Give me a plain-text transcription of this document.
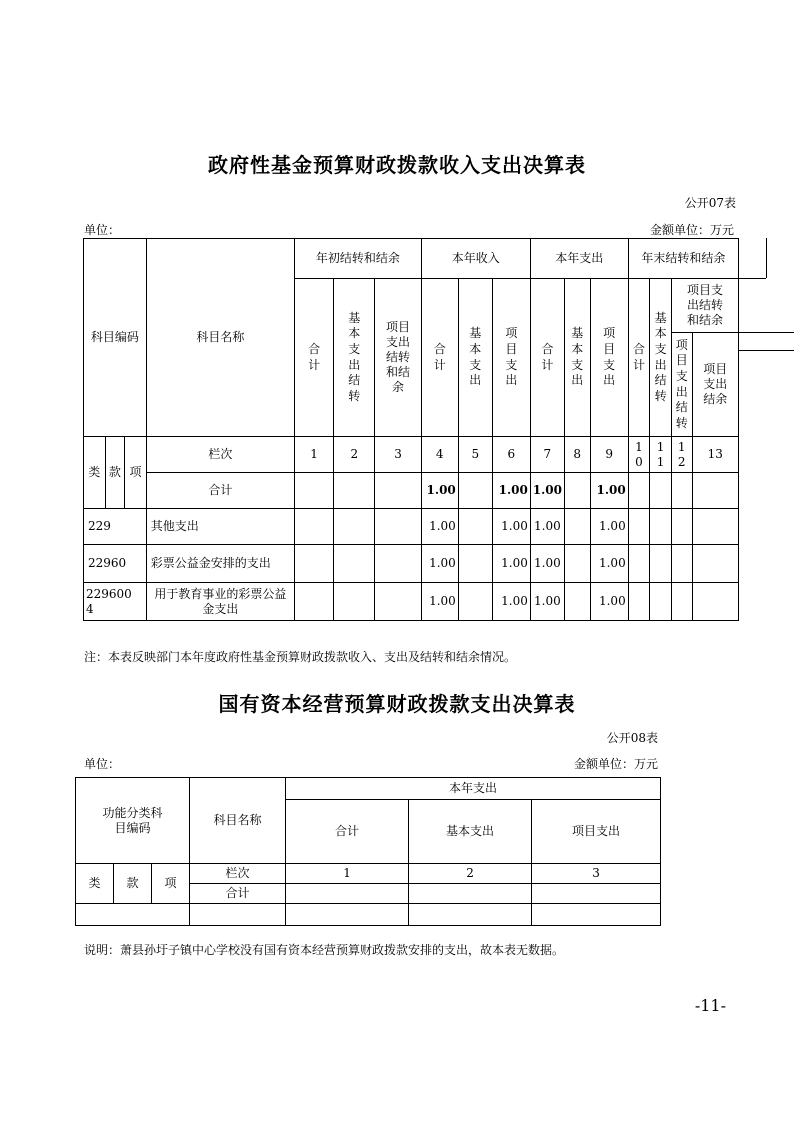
政府性基金预算财政拨款收入支出决算表
公开07表
单位：	金额单位：万元
科目编码			科目名称	年初结转和结余			本年收入			本年支出			年末结转和结余			
				合计	基本支出结转	项目支出结转和结余	合计	基本支出	项目支出	合计	基本支出	项目支出	合计	基本支出结转	项目支出结转和结余	
															项目支出结转	项目支出结余

类	款	项	栏次	1	2	3	4	5	6	7	8	9	10	11	12	13
			合计				1.00		1.00	1.00		1.00				
229			其他支出				1.00		1.00	1.00		1.00				
22960			彩票公益金安排的支出				1.00		1.00	1.00		1.00				
2296004			用于教育事业的彩票公益金支出				1.00		1.00	1.00		1.00				
注：本表反映部门本年度政府性基金预算财政拨款收入、支出及结转和结余情况。
国有资本经营预算财政拨款支出决算表
公开08表
单位：	金额单位：万元
功能分类科目编码			科目名称	本年支出		
				合计	基本支出	项目支出
类	款	项	栏次	1	2	3
			合计			

说明：萧县孙圩子镇中心学校没有国有资本经营预算财政拨款安排的支出，故本表无数据。
-11-
